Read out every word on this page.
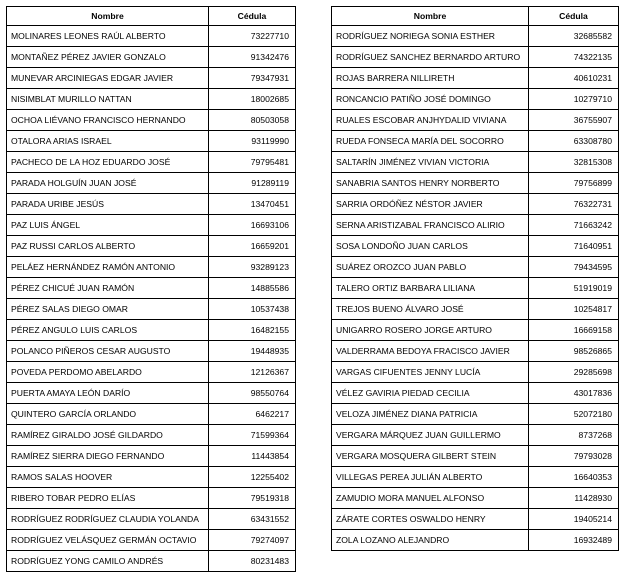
Nombre	Cédula
MOLINARES LEONES RAÚL ALBERTO	73227710
MONTAÑEZ PÉREZ JAVIER GONZALO	91342476
MUNEVAR ARCINIEGAS EDGAR JAVIER	79347931
NISIMBLAT MURILLO NATTAN	18002685
OCHOA LIÉVANO FRANCISCO HERNANDO	80503058
OTALORA ARIAS ISRAEL	93119990
PACHECO DE LA HOZ EDUARDO JOSÉ	79795481
PARADA HOLGUÍN JUAN JOSÉ	91289119
PARADA URIBE JESÚS	13470451
PAZ LUIS ÁNGEL	16693106
PAZ RUSSI CARLOS ALBERTO	16659201
PELÁEZ HERNÁNDEZ RAMÓN ANTONIO	93289123
PÉREZ CHICUÉ JUAN RAMÓN	14885586
PÉREZ SALAS DIEGO OMAR	10537438
PÉREZ ANGULO LUIS CARLOS	16482155
POLANCO PIÑEROS CESAR AUGUSTO	19448935
POVEDA PERDOMO ABELARDO	12126367
PUERTA AMAYA LEÓN DARÍO	98550764
QUINTERO GARCÍA ORLANDO	6462217
RAMÍREZ GIRALDO JOSÉ GILDARDO	71599364
RAMÍREZ SIERRA DIEGO FERNANDO	11443854
RAMOS SALAS HOOVER	12255402
RIBERO TOBAR PEDRO ELÍAS	79519318
RODRÍGUEZ RODRÍGUEZ CLAUDIA YOLANDA	63431552
RODRÍGUEZ VELÁSQUEZ GERMÁN OCTAVIO	79274097
RODRÍGUEZ YONG CAMILO ANDRÉS	80231483
Nombre	Cédula
RODRÍGUEZ NORIEGA SONIA ESTHER	32685582
RODRÍGUEZ SANCHEZ BERNARDO ARTURO	74322135
ROJAS BARRERA NILLIRETH	40610231
RONCANCIO PATIÑO JOSÉ DOMINGO	10279710
RUALES ESCOBAR ANJHYDALID VIVIANA	36755907
RUEDA FONSECA MARÍA DEL SOCORRO	63308780
SALTARÍN JIMÉNEZ VIVIAN VICTORIA	32815308
SANABRIA SANTOS HENRY NORBERTO	79756899
SARRIA ORDÓÑEZ NÉSTOR JAVIER	76322731
SERNA ARISTIZABAL FRANCISCO ALIRIO	71663242
SOSA LONDOÑO JUAN CARLOS	71640951
SUÁREZ OROZCO JUAN PABLO	79434595
TALERO ORTIZ BARBARA LILIANA	51919019
TREJOS BUENO ÁLVARO JOSÉ	10254817
UNIGARRO ROSERO JORGE ARTURO	16669158
VALDERRAMA BEDOYA FRACISCO JAVIER	98526865
VARGAS CIFUENTES JENNY LUCÍA	29285698
VÉLEZ GAVIRIA PIEDAD CECILIA	43017836
VELOZA JIMÉNEZ DIANA PATRICIA	52072180
VERGARA MÁRQUEZ JUAN GUILLERMO	8737268
VERGARA MOSQUERA GILBERT STEIN	79793028
VILLEGAS PEREA JULIÁN ALBERTO	16640353
ZAMUDIO MORA MANUEL ALFONSO	11428930
ZÁRATE CORTES OSWALDO HENRY	19405214
ZOLA LOZANO ALEJANDRO	16932489
